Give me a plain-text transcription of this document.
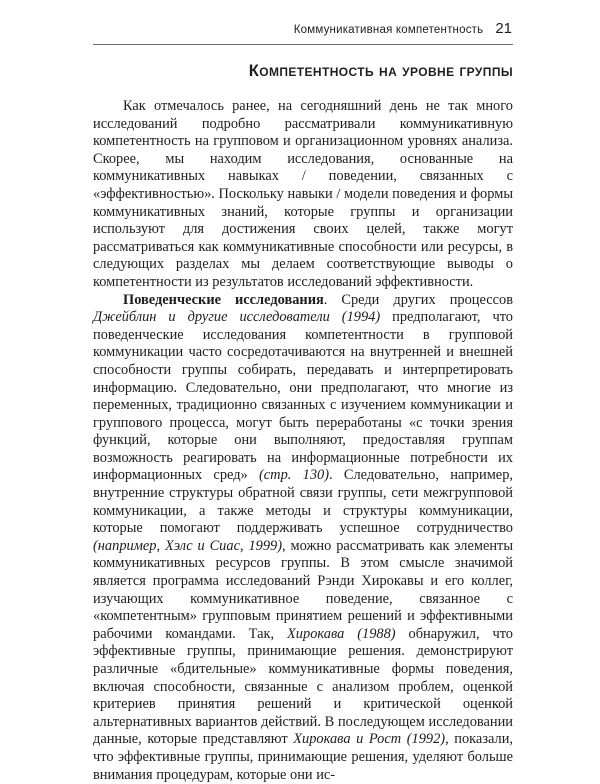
Коммуникативная компетентность 21
Компетентность на уровне группы

Как отмечалось ранее, на сегодняшний день не так много исследований подробно рассматривали коммуникативную компетентность на групповом и организационном уровнях анализа. Скорее, мы находим исследования, основанные на коммуникативных навыках / поведении, связанных с «эффективностью». Поскольку навыки / модели поведения и формы коммуникативных знаний, которые группы и организации используют для достижения своих целей, также могут рассматриваться как коммуникативные способности или ресурсы, в следующих разделах мы делаем соответствующие выводы о компетентности из результатов исследований эффективности.

Поведенческие исследования. Среди других процессов Джейблин и другие исследователи (1994) предполагают, что поведенческие исследования компетентности в групповой коммуникации часто сосредотачиваются на внутренней и внешней способности группы собирать, передавать и интерпретировать информацию. Следовательно, они предполагают, что многие из переменных, традиционно связанных с изучением коммуникации и группового процесса, могут быть переработаны «с точки зрения функций, которые они выполняют, предоставляя группам возможность реагировать на информационные потребности их информационных сред» (стр. 130). Следовательно, например, внутренние структуры обратной связи группы, сети межгрупповой коммуникации, а также методы и структуры коммуникации, которые помогают поддерживать успешное сотрудничество (например, Хэлс и Сиас, 1999), можно рассматривать как элементы коммуникативных ресурсов группы. В этом смысле значимой является программа исследований Рэнди Хирокавы и его коллег, изучающих коммуникативное поведение, связанное с «компетентным» групповым принятием решений и эффективными рабочими командами. Так, Хирокава (1988) обнаружил, что эффективные группы, принимающие решения. демонстрируют различные «бдительные» коммуникативные формы поведения, включая способности, связанные с анализом проблем, оценкой критериев принятия решений и критической оценкой альтернативных вариантов действий. В последующем исследовании данные, которые представляют Хирокава и Рост (1992), показали, что эффективные группы, принимающие решения, уделяют больше внимания процедурам, которые они ис-
